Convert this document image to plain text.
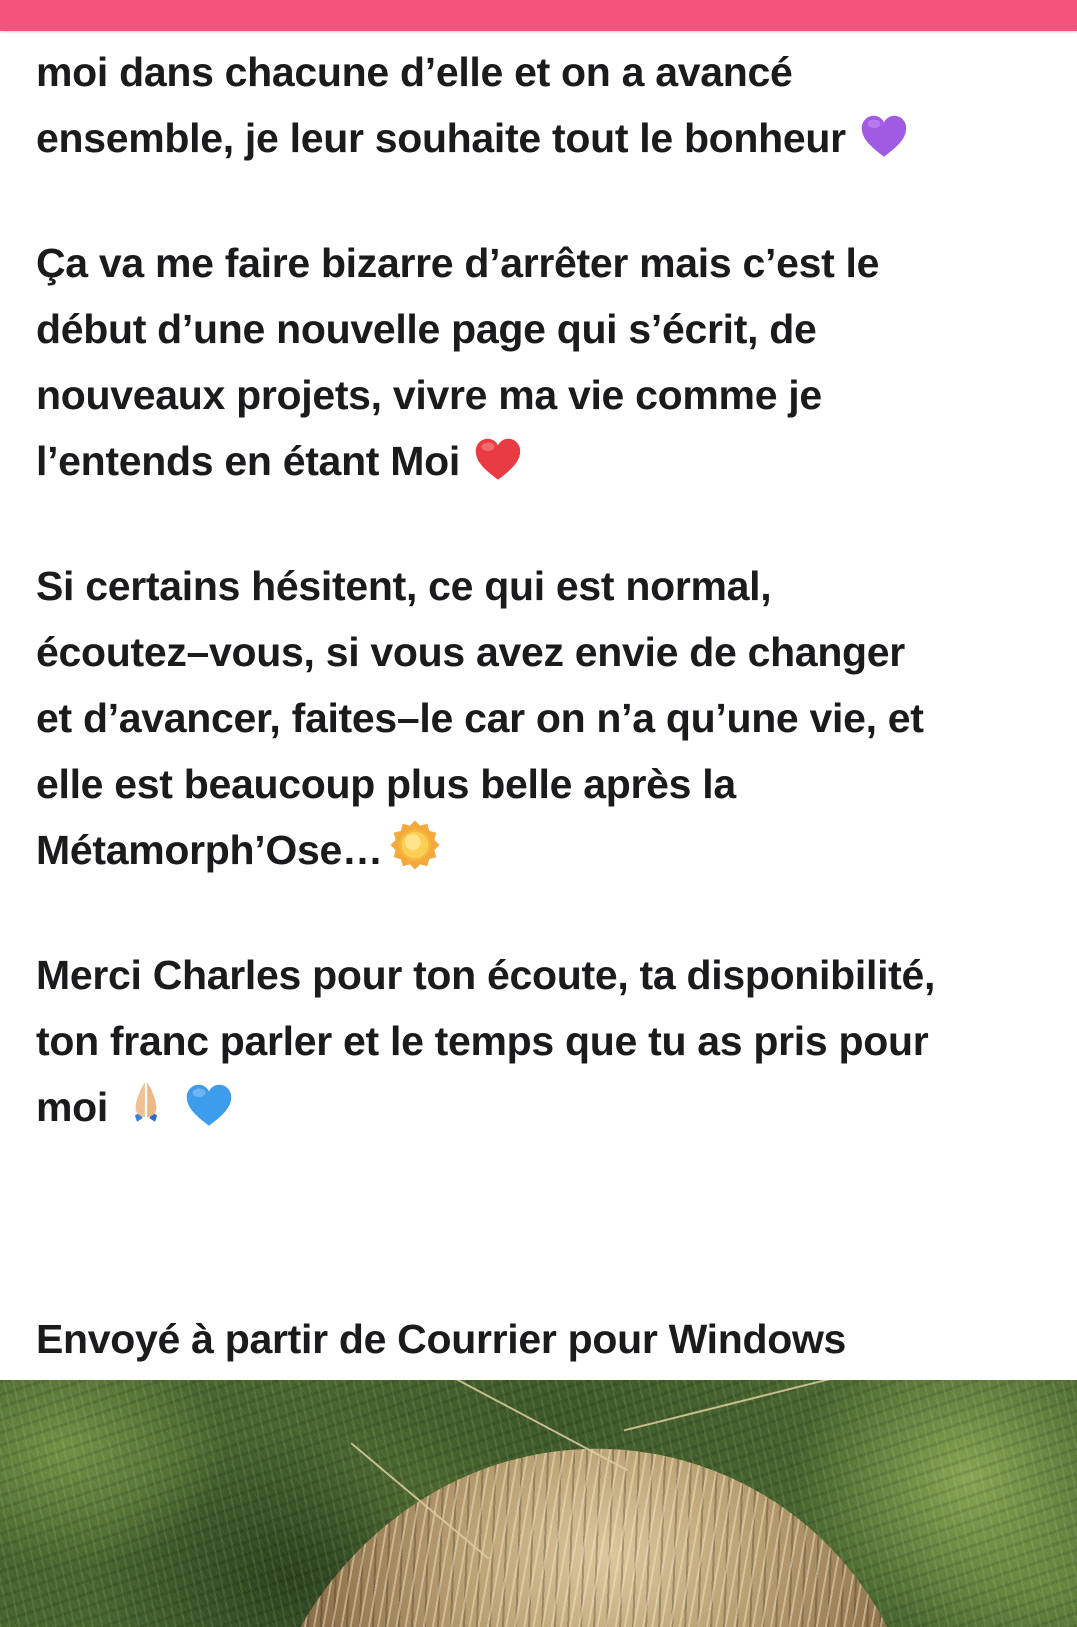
moi dans chacune d’elle et on a avancé
ensemble, je leur souhaite tout le bonheur
Ça va me faire bizarre d’arrêter mais c’est le
début d’une nouvelle page qui s’écrit, de
nouveaux projets, vivre ma vie comme je
l’entends en étant Moi
Si certains hésitent, ce qui est normal,
écoutez–vous, si vous avez envie de changer
et d’avancer, faites–le car on n’a qu’une vie, et
elle est beaucoup plus belle après la
Métamorph’Ose…
Merci Charles pour ton écoute, ta disponibilité,
ton franc parler et le temps que tu as pris pour
moi
Envoyé à partir de Courrier pour Windows
